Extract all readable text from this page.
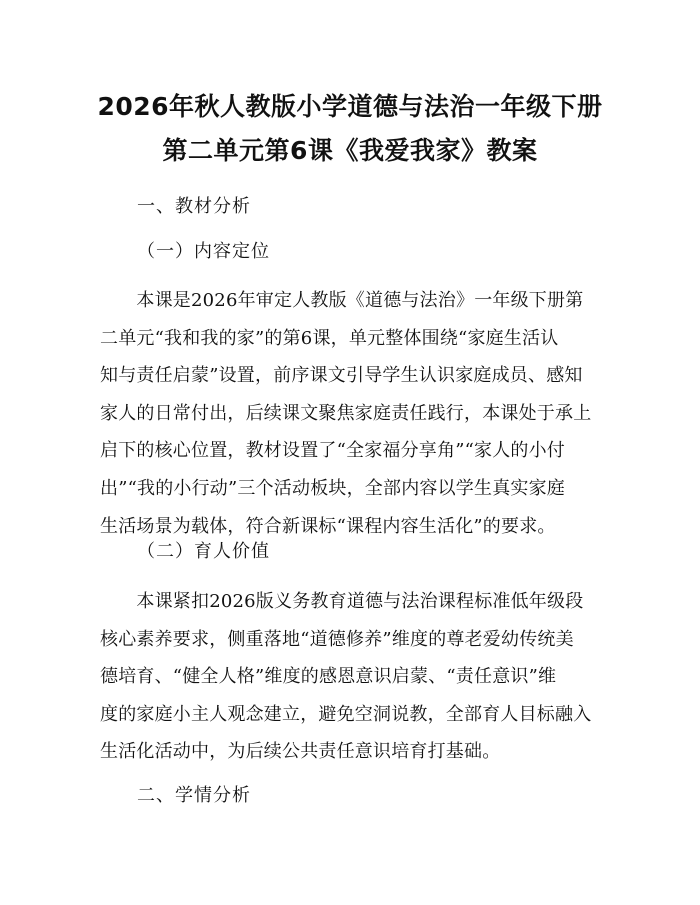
2026年秋人教版小学道德与法治一年级下册
第二单元第6课《我爱我家》教案
一、教材分析
（一）内容定位
　　本课是2026年审定人教版《道德与法治》一年级下册第
二单元“我和我的家”的第6课，单元整体围绕“家庭生活认
知与责任启蒙”设置，前序课文引导学生认识家庭成员、感知
家人的日常付出，后续课文聚焦家庭责任践行，本课处于承上
启下的核心位置，教材设置了“全家福分享角”“家人的小付
出”“我的小行动”三个活动板块，全部内容以学生真实家庭
生活场景为载体，符合新课标“课程内容生活化”的要求。
（二）育人价值
　　本课紧扣2026版义务教育道德与法治课程标准低年级段
核心素养要求，侧重落地“道德修养”维度的尊老爱幼传统美
德培育、“健全人格”维度的感恩意识启蒙、“责任意识”维
度的家庭小主人观念建立，避免空洞说教，全部育人目标融入
生活化活动中，为后续公共责任意识培育打基础。
二、学情分析
